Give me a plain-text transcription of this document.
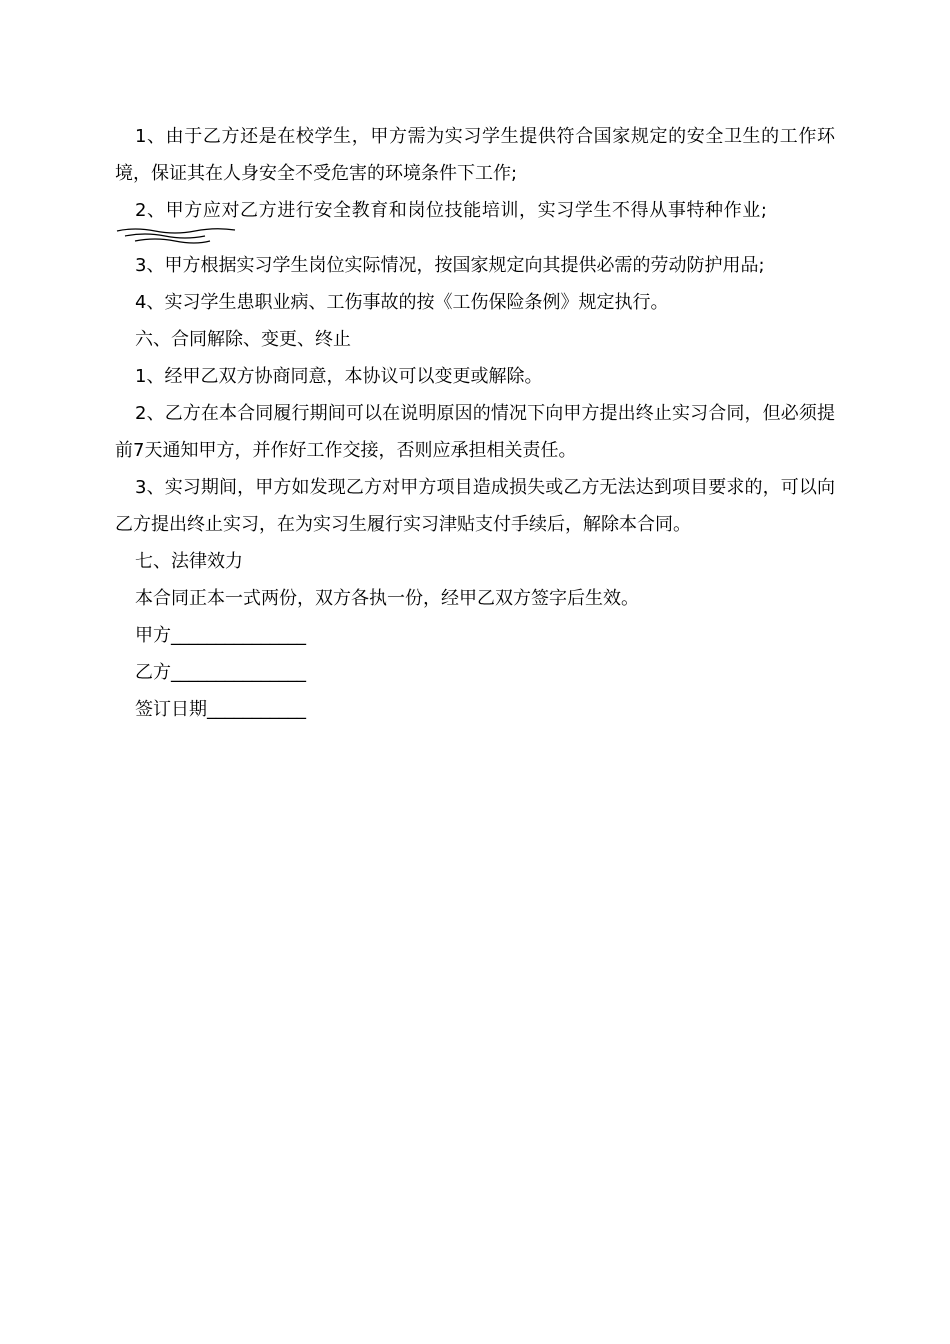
1、由于乙方还是在校学生，甲方需为实习学生提供符合国家规定的安全卫生的工作环境，保证其在人身安全不受危害的环境条件下工作;

2、甲方应对乙方进行安全教育和岗位技能培训，实习学生不得从事特种作业;

3、甲方根据实习学生岗位实际情况，按国家规定向其提供必需的劳动防护用品;

4、实习学生患职业病、工伤事故的按《工伤保险条例》规定执行。

六、合同解除、变更、终止

1、经甲乙双方协商同意，本协议可以变更或解除。

2、乙方在本合同履行期间可以在说明原因的情况下向甲方提出终止实习合同，但必须提前7天通知甲方，并作好工作交接，否则应承担相关责任。

3、实习期间，甲方如发现乙方对甲方项目造成损失或乙方无法达到项目要求的，可以向乙方提出终止实习，在为实习生履行实习津贴支付手续后，解除本合同。

七、法律效力

本合同正本一式两份，双方各执一份，经甲乙双方签字后生效。

甲方_______________

乙方_______________

签订日期___________
